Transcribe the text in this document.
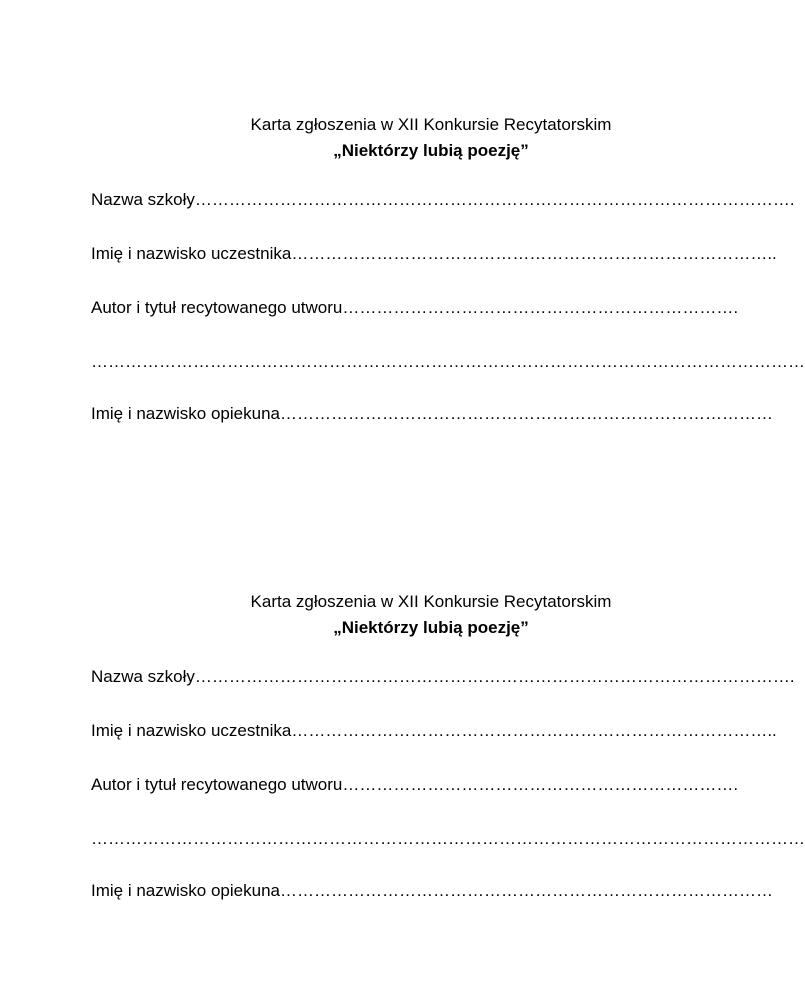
Karta zgłoszenia w XII Konkursie Recytatorskim
„Niektórzy lubią poezję”
Nazwa szkoły…………………………………………………………………………………………….
Imię i nazwisko uczestnika…………………………………………………………………………..
Autor i tytuł recytowanego utworu…………………………………………………………….
………………………………………………………………………………………………………………
Imię i nazwisko opiekuna……………………………………………………………………………
Karta zgłoszenia w XII Konkursie Recytatorskim
„Niektórzy lubią poezję”
Nazwa szkoły…………………………………………………………………………………………….
Imię i nazwisko uczestnika…………………………………………………………………………..
Autor i tytuł recytowanego utworu…………………………………………………………….
………………………………………………………………………………………………………………
Imię i nazwisko opiekuna……………………………………………………………………………
